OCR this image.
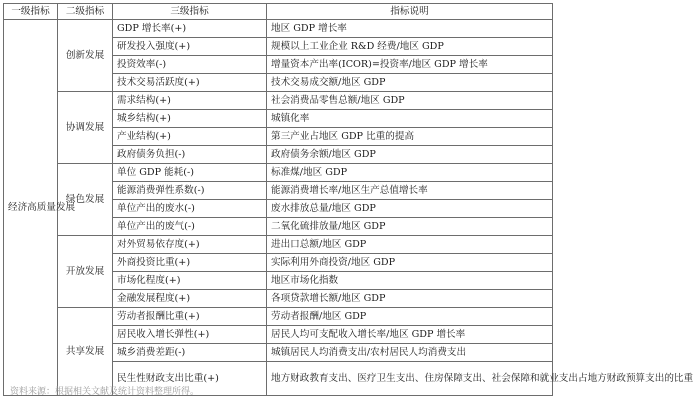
一级指标	二级指标	三级指标	指标说明
经济高质量发展	创新发展	GDP 增长率(+)	地区 GDP 增长率
		研发投入强度(+)	规模以上工业企业 R&D 经费/地区 GDP
		投资效率(-)	增量资本产出率(ICOR)=投资率/地区 GDP 增长率
		技术交易活跃度(+)	技术交易成交额/地区 GDP
	协调发展	需求结构(+)	社会消费品零售总额/地区 GDP
		城乡结构(+)	城镇化率
		产业结构(+)	第三产业占地区 GDP 比重的提高
		政府债务负担(-)	政府债务余额/地区 GDP
	绿色发展	单位 GDP 能耗(-)	标准煤/地区 GDP
		能源消费弹性系数(-)	能源消费增长率/地区生产总值增长率
		单位产出的废水(-)	废水排放总量/地区 GDP
		单位产出的废气(-)	二氧化硫排放量/地区 GDP
	开放发展	对外贸易依存度(+)	进出口总额/地区 GDP
		外商投资比重(+)	实际利用外商投资/地区 GDP
		市场化程度(+)	地区市场化指数
		金融发展程度(+)	各项贷款增长额/地区 GDP
	共享发展	劳动者报酬比重(+)	劳动者报酬/地区 GDP
		居民收入增长弹性(+)	居民人均可支配收入增长率/地区 GDP 增长率
		城乡消费差距(-)	城镇居民人均消费支出/农村居民人均消费支出
		民生性财政支出比重(+)	地方财政教育支出、医疗卫生支出、住房保障支出、社会保障和就业支出占地方财政预算支出的比重
资料来源：根据相关文献及统计资料整理所得。
